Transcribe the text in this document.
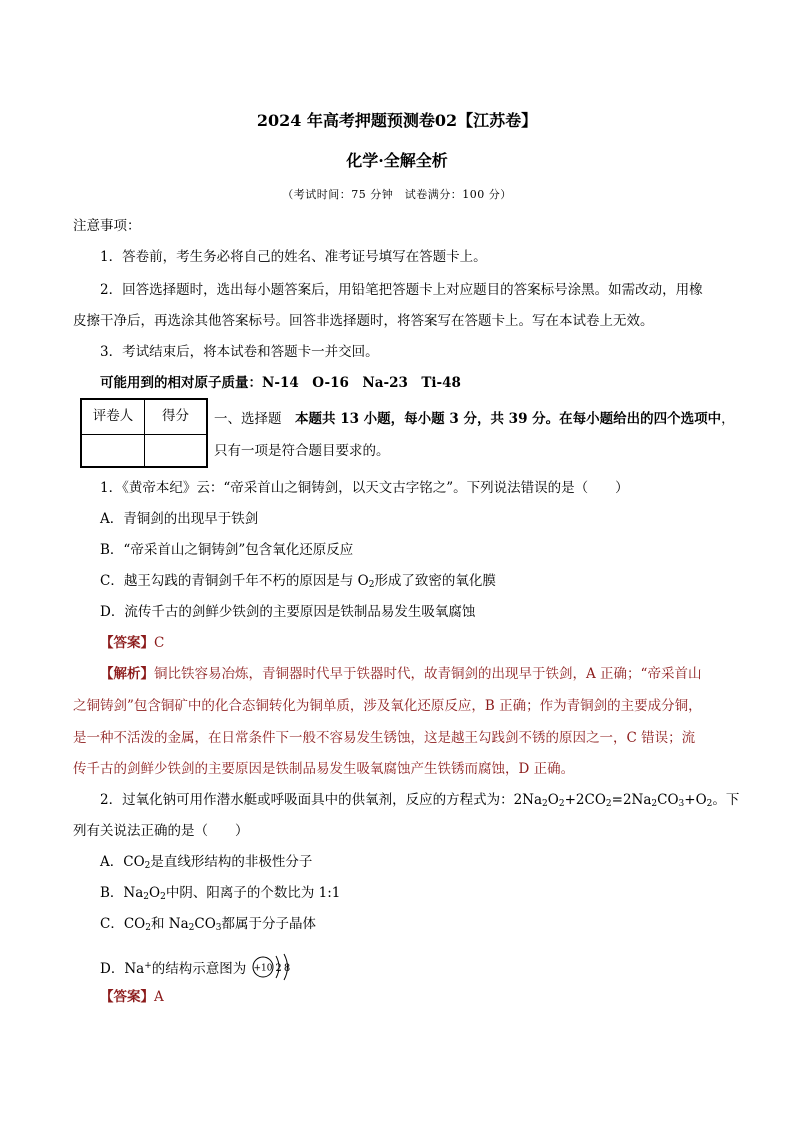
2024 年高考押题预测卷02【江苏卷】
化学·全解全析
（考试时间：75 分钟　试卷满分：100 分）
注意事项：
1．答卷前，考生务必将自己的姓名、准考证号填写在答题卡上。
2．回答选择题时，选出每小题答案后，用铅笔把答题卡上对应题目的答案标号涂黑。如需改动，用橡
皮擦干净后，再选涂其他答案标号。回答非选择题时，将答案写在答题卡上。写在本试卷上无效。
3．考试结束后，将本试卷和答题卡一并交回。
可能用到的相对原子质量：N-14　O-16　Na-23　Ti-48
评卷人	得分	一、选择题　 本题共 13 小题，每小题 3 分，共 39 分。在每小题给出的四个选项中，
只有一项是符合题目要求的。
1．《黄帝本纪》云：“帝采首山之铜铸剑，以天文古字铭之”。下列说法错误的是（　　）
A．青铜剑的出现早于铁剑
B．“帝采首山之铜铸剑”包含氧化还原反应
C．越王勾践的青铜剑千年不朽的原因是与 $O_2$形成了致密的氧化膜
D．流传千古的剑鲜少铁剑的主要原因是铁制品易发生吸氧腐蚀
【答案】C
【解析】铜比铁容易冶炼，青铜器时代早于铁器时代，故青铜剑的出现早于铁剑，A 正确；“帝采首山
之铜铸剑”包含铜矿中的化合态铜转化为铜单质，涉及氧化还原反应，B 正确；作为青铜剑的主要成分铜，
是一种不活泼的金属，在日常条件下一般不容易发生锈蚀，这是越王勾践剑不锈的原因之一，C 错误；流
传千古的剑鲜少铁剑的主要原因是铁制品易发生吸氧腐蚀产生铁锈而腐蚀，D 正确。
2．过氧化钠可用作潜水艇或呼吸面具中的供氧剂，反应的方程式为：$2Na_2O_2+2CO_2=2Na_2CO_3+O_2$。下
列有关说法正确的是（　　）
A．$CO_2$是直线形结构的非极性分子
B．$Na_2O_2$中阴、阳离子的个数比为 1:1
C．$CO_2$和 $Na_2CO_3$都属于分子晶体
D．Na+的结构示意图为 +10 2 8
【答案】A
